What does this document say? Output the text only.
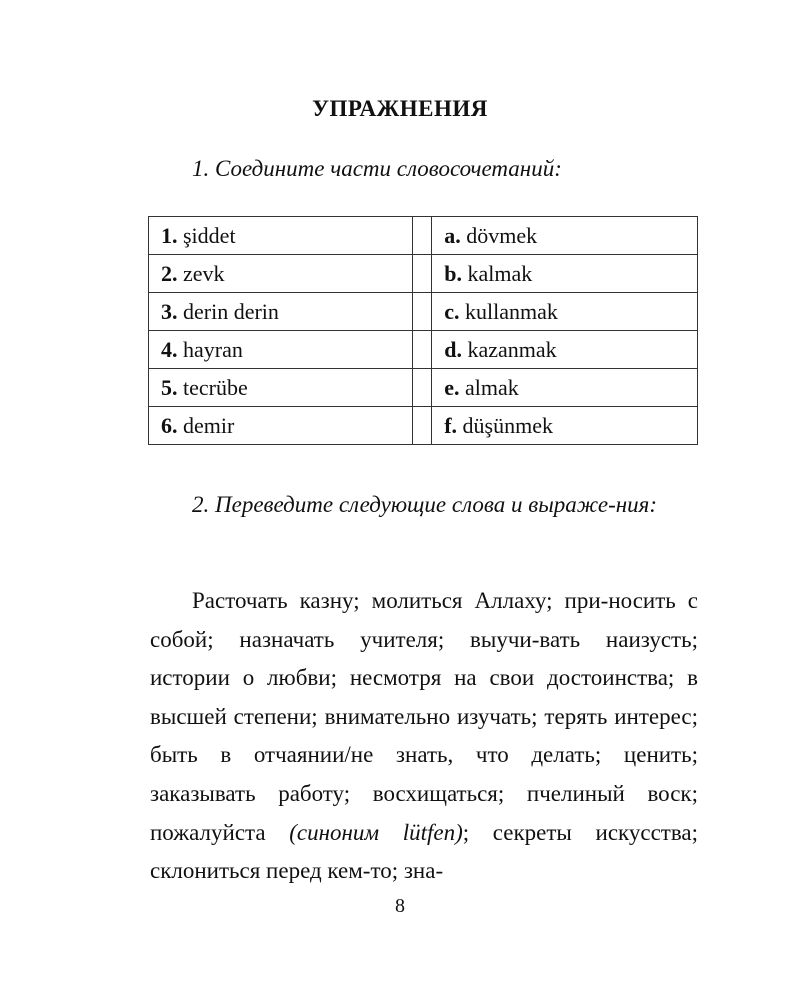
УПРАЖНЕНИЯ
1. Соедините части словосочетаний:
1. şiddet		a. dövmek
2. zevk		b. kalmak
3. derin derin		c. kullanmak
4. hayran		d. kazanmak
5. tecrübe		e. almak
6. demir		f. düşünmek
2. Переведите следующие слова и выраже-ния:

Расточать казну; молиться Аллаху; при-носить с собой; назначать учителя; выучи-вать наизусть; истории о любви; несмотря на свои достоинства; в высшей степени; внимательно изучать; терять интерес; быть в отчаянии/не знать, что делать; ценить; заказывать работу; восхищаться; пчелиный воск; пожалуйста (синоним lütfen); секреты искусства; склониться перед кем-то; зна-

8
